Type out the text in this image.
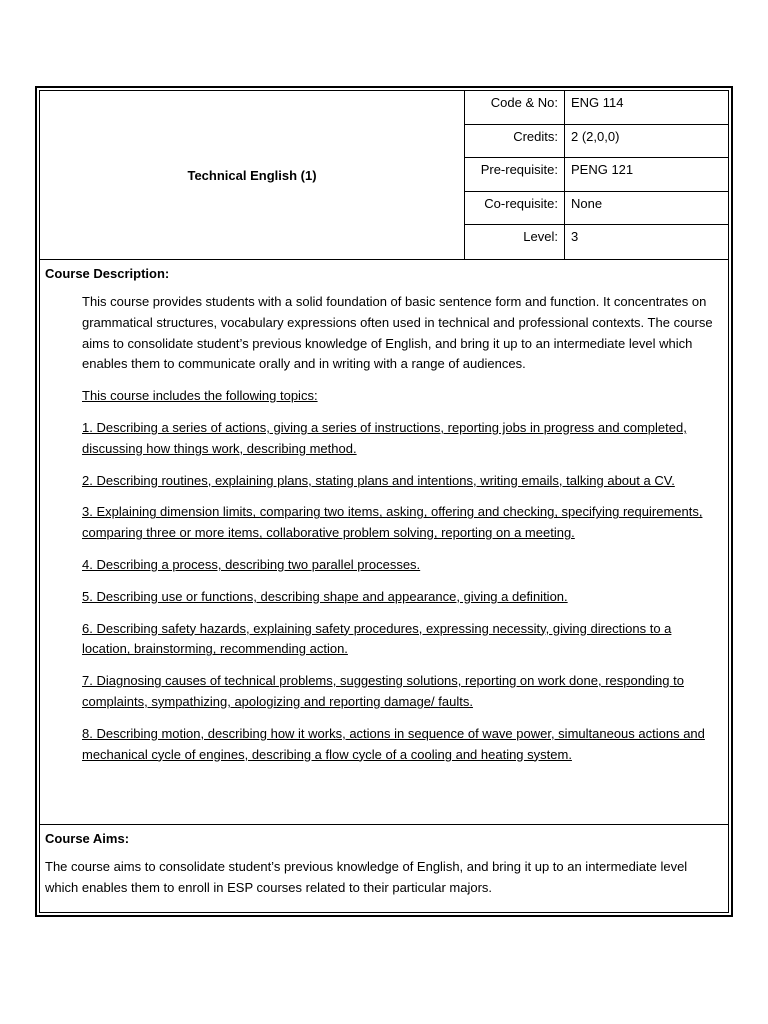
Technical English (1)
Code & No:	ENG 114
Credits:	2 (2,0,0)
Pre-requisite:	PENG 121
Co-requisite:	None
Level:	3

Course Description:

This course provides students with a solid foundation of basic sentence form and function. It concentrates on grammatical structures, vocabulary expressions often used in technical and professional contexts. The course aims to consolidate student’s previous knowledge of English, and bring it up to an intermediate level which enables them to communicate orally and in writing with a range of audiences.

This course includes the following topics:

1. Describing a series of actions, giving a series of instructions, reporting jobs in progress and completed, discussing how things work, describing method.

2. Describing routines, explaining plans, stating plans and intentions, writing emails, talking about a CV.

3. Explaining dimension limits, comparing two items, asking, offering and checking, specifying requirements, comparing three or more items, collaborative problem solving, reporting on a meeting.

4. Describing a process, describing two parallel processes.

5. Describing use or functions, describing shape and appearance, giving a definition.

6. Describing safety hazards, explaining safety procedures, expressing necessity, giving directions to a location, brainstorming, recommending action.

7. Diagnosing causes of technical problems, suggesting solutions, reporting on work done, responding to complaints, sympathizing, apologizing and reporting damage/ faults.

8. Describing motion, describing how it works, actions in sequence of wave power, simultaneous actions and mechanical cycle of engines, describing a flow cycle of a cooling and heating system.

Course Aims:

The course aims to consolidate student’s previous knowledge of English, and bring it up to an intermediate level which enables them to enroll in ESP courses related to their particular majors.
